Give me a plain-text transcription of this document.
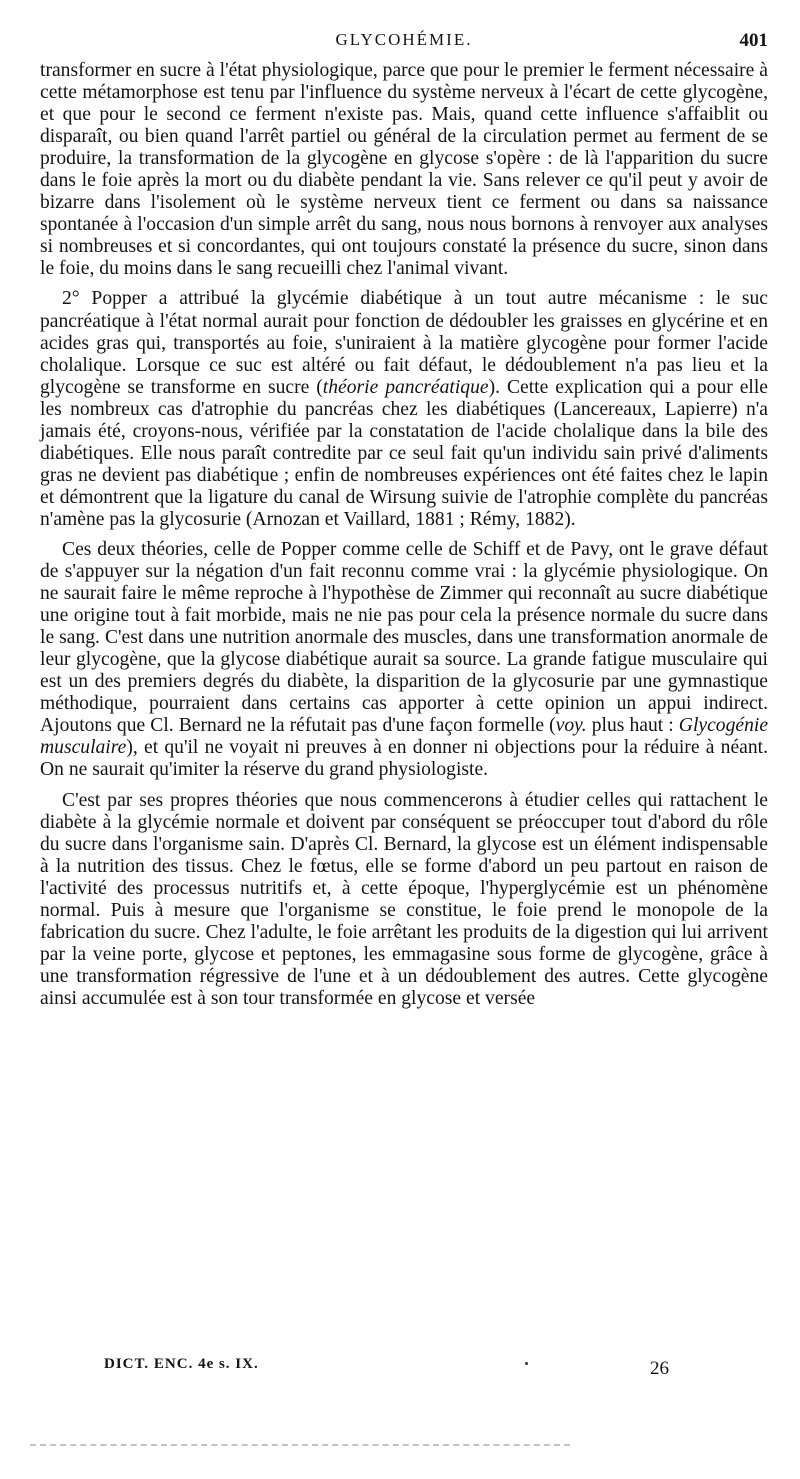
GLYCOHÉMIE.	401

transformer en sucre à l'état physiologique, parce que pour le premier le ferment nécessaire à cette métamorphose est tenu par l'influence du système nerveux à l'écart de cette glycogène, et que pour le second ce ferment n'existe pas. Mais, quand cette influence s'affaiblit ou disparaît, ou bien quand l'arrêt partiel ou général de la circulation permet au ferment de se produire, la transformation de la glycogène en glycose s'opère : de là l'apparition du sucre dans le foie après la mort ou du diabète pendant la vie. Sans relever ce qu'il peut y avoir de bizarre dans l'isolement où le système nerveux tient ce ferment ou dans sa naissance spontanée à l'occasion d'un simple arrêt du sang, nous nous bornons à renvoyer aux analyses si nombreuses et si concordantes, qui ont toujours constaté la présence du sucre, sinon dans le foie, du moins dans le sang recueilli chez l'animal vivant.

2° Popper a attribué la glycémie diabétique à un tout autre mécanisme : le suc pancréatique à l'état normal aurait pour fonction de dédoubler les graisses en glycérine et en acides gras qui, transportés au foie, s'uniraient à la matière glycogène pour former l'acide cholalique. Lorsque ce suc est altéré ou fait défaut, le dédoublement n'a pas lieu et la glycogène se transforme en sucre (théorie pancréatique). Cette explication qui a pour elle les nombreux cas d'atrophie du pancréas chez les diabétiques (Lancereaux, Lapierre) n'a jamais été, croyons-nous, vérifiée par la constatation de l'acide cholalique dans la bile des diabétiques. Elle nous paraît contredite par ce seul fait qu'un individu sain privé d'aliments gras ne devient pas diabétique ; enfin de nombreuses expériences ont été faites chez le lapin et démontrent que la ligature du canal de Wirsung suivie de l'atrophie complète du pancréas n'amène pas la glycosurie (Arnozan et Vaillard, 1881 ; Rémy, 1882).

Ces deux théories, celle de Popper comme celle de Schiff et de Pavy, ont le grave défaut de s'appuyer sur la négation d'un fait reconnu comme vrai : la glycémie physiologique. On ne saurait faire le même reproche à l'hypothèse de Zimmer qui reconnaît au sucre diabétique une origine tout à fait morbide, mais ne nie pas pour cela la présence normale du sucre dans le sang. C'est dans une nutrition anormale des muscles, dans une transformation anormale de leur glycogène, que la glycose diabétique aurait sa source. La grande fatigue musculaire qui est un des premiers degrés du diabète, la disparition de la glycosurie par une gymnastique méthodique, pourraient dans certains cas apporter à cette opinion un appui indirect. Ajoutons que Cl. Bernard ne la réfutait pas d'une façon formelle (voy. plus haut : Glycogénie musculaire), et qu'il ne voyait ni preuves à en donner ni objections pour la réduire à néant. On ne saurait qu'imiter la réserve du grand physiologiste.

C'est par ses propres théories que nous commencerons à étudier celles qui rattachent le diabète à la glycémie normale et doivent par conséquent se préoccuper tout d'abord du rôle du sucre dans l'organisme sain. D'après Cl. Bernard, la glycose est un élément indispensable à la nutrition des tissus. Chez le fœtus, elle se forme d'abord un peu partout en raison de l'activité des processus nutritifs et, à cette époque, l'hyperglycémie est un phénomène normal. Puis à mesure que l'organisme se constitue, le foie prend le monopole de la fabrication du sucre. Chez l'adulte, le foie arrêtant les produits de la digestion qui lui arrivent par la veine porte, glycose et peptones, les emmagasine sous forme de glycogène, grâce à une transformation régressive de l'une et à un dédoublement des autres. Cette glycogène ainsi accumulée est à son tour transformée en glycose et versée

DICT. ENC. 4e s. IX.	26
